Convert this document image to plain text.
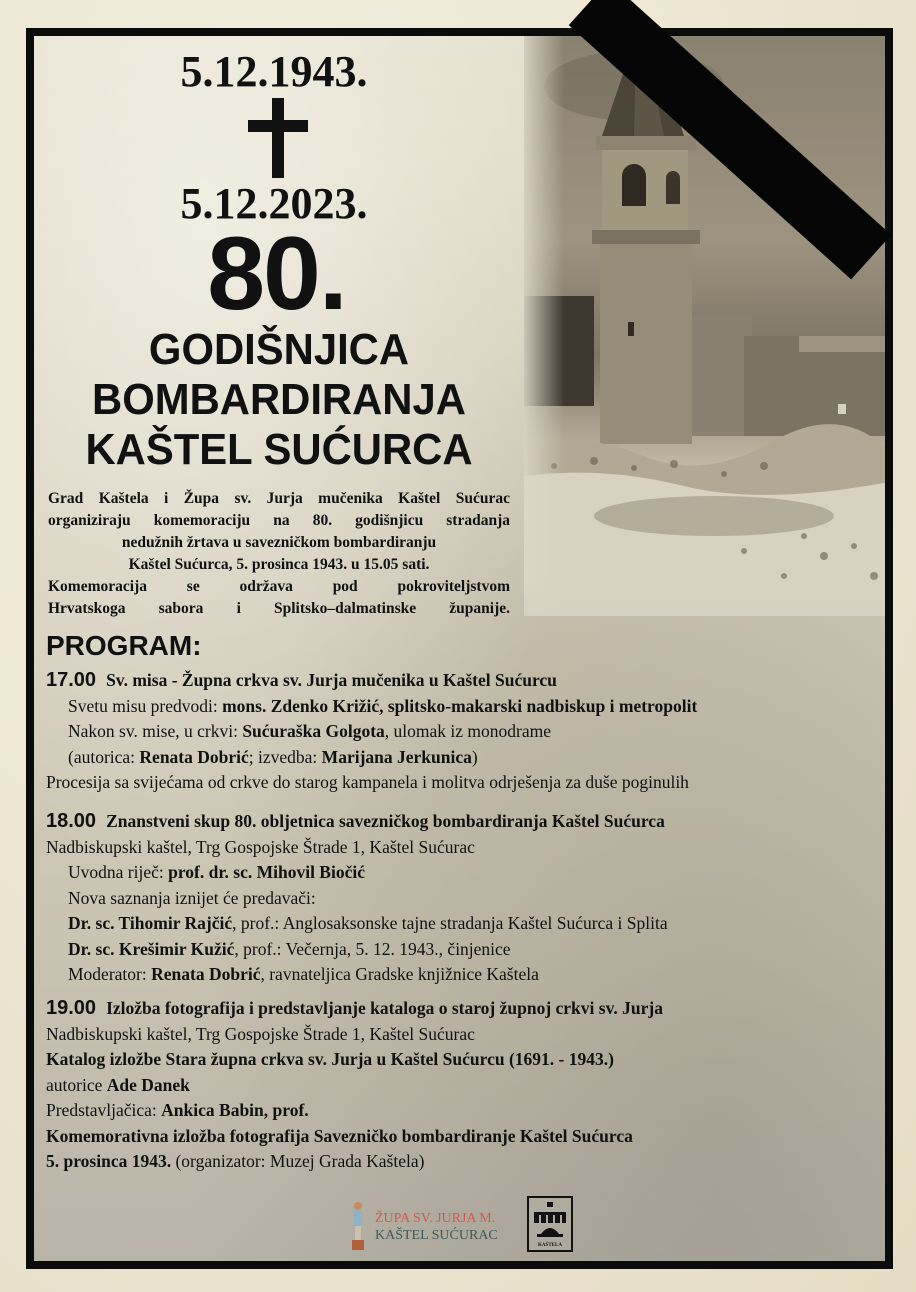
5.12.1943.
5.12.2023.
80.
GODIŠNJICA
BOMBARDIRANJA
KAŠTEL SUĆURCA
Grad Kaštela i Župa sv. Jurja mučenika Kaštel Sućurac
organiziraju komemoraciju na 80. godišnjicu stradanja
nedužnih žrtava u savezničkom bombardiranju
Kaštel Sućurca, 5. prosinca 1943. u 15.05 sati.
Komemoracija se održava pod pokroviteljstvom
Hrvatskoga sabora i Splitsko–dalmatinske županije.
PROGRAM:
17.00 Sv. misa - Župna crkva sv. Jurja mučenika u Kaštel Sućurcu
Svetu misu predvodi: mons. Zdenko Križić, splitsko-makarski nadbiskup i metropolit
Nakon sv. mise, u crkvi: Sućuraška Golgota, ulomak iz monodrame
(autorica: Renata Dobrić; izvedba: Marijana Jerkunica)
Procesija sa svijećama od crkve do starog kampanela i molitva odrješenja za duše poginulih
18.00 Znanstveni skup 80. obljetnica savezničkog bombardiranja Kaštel Sućurca
Nadbiskupski kaštel, Trg Gospojske Štrade 1, Kaštel Sućurac
Uvodna riječ: prof. dr. sc. Mihovil Biočić
Nova saznanja iznijet će predavači:
Dr. sc. Tihomir Rajčić, prof.: Anglosaksonske tajne stradanja Kaštel Sućurca i Splita
Dr. sc. Krešimir Kužić, prof.: Večernja, 5. 12. 1943., činjenice
Moderator: Renata Dobrić, ravnateljica Gradske knjižnice Kaštela
19.00 Izložba fotografija i predstavljanje kataloga o staroj župnoj crkvi sv. Jurja
Nadbiskupski kaštel, Trg Gospojske Štrade 1, Kaštel Sućurac
Katalog izložbe Stara župna crkva sv. Jurja u Kaštel Sućurcu (1691. - 1943.)
autorice Ade Danek
Predstavljačica: Ankica Babin, prof.
Komemorativna izložba fotografija Savezničko bombardiranje Kaštel Sućurca
5. prosinca 1943. (organizator: Muzej Grada Kaštela)
ŽUPA SV. JURJA M.
KAŠTEL SUĆURAC
KAŠTELA
